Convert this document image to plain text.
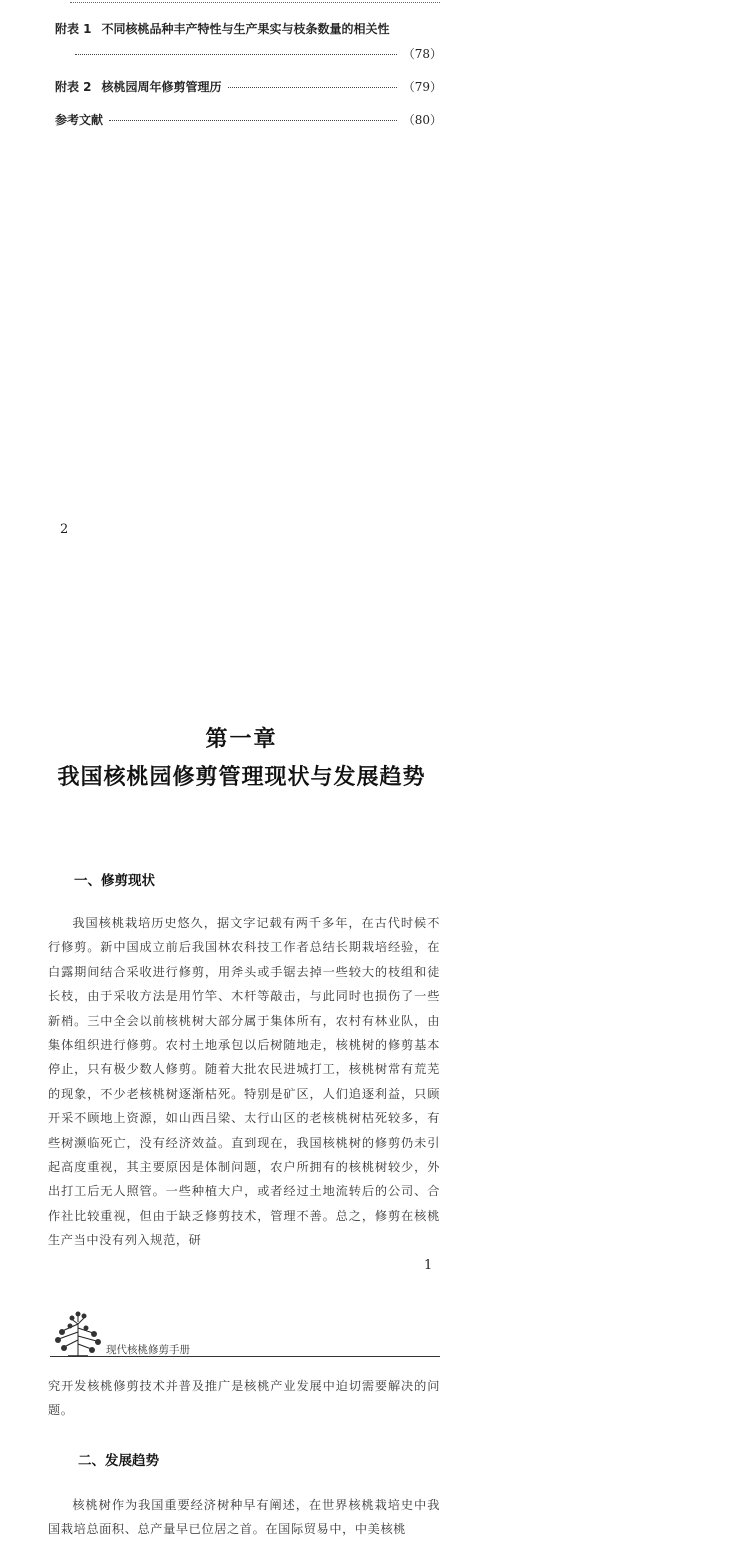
附表 1 不同核桃品种丰产特性与生产果实与枝条数量的相关性
（78）
附表 2 核桃园周年修剪管理历	（79）
参考文献	（80）
2
第一章
我国核桃园修剪管理现状与发展趋势
一、修剪现状

我国核桃栽培历史悠久，据文字记载有两千多年，在古代时候不行修剪。新中国成立前后我国林农科技工作者总结长期栽培经验，在白露期间结合采收进行修剪，用斧头或手锯去掉一些较大的枝组和徒长枝，由于采收方法是用竹竿、木杆等敲击，与此同时也损伤了一些新梢。三中全会以前核桃树大部分属于集体所有，农村有林业队，由集体组织进行修剪。农村土地承包以后树随地走，核桃树的修剪基本停止，只有极少数人修剪。随着大批农民进城打工，核桃树常有荒芜的现象，不少老核桃树逐渐枯死。特别是矿区，人们追逐利益，只顾开采不顾地上资源，如山西吕梁、太行山区的老核桃树枯死较多，有些树濒临死亡，没有经济效益。直到现在，我国核桃树的修剪仍未引起高度重视，其主要原因是体制问题，农户所拥有的核桃树较少，外出打工后无人照管。一些种植大户，或者经过土地流转后的公司、合作社比较重视，但由于缺乏修剪技术，管理不善。总之，修剪在核桃生产当中没有列入规范，研

1
现代核桃修剪手册

究开发核桃修剪技术并普及推广是核桃产业发展中迫切需要解决的问题。

二、发展趋势

核桃树作为我国重要经济树种早有阐述，在世界核桃栽培史中我国栽培总面积、总产量早已位居之首。在国际贸易中，中美核桃
